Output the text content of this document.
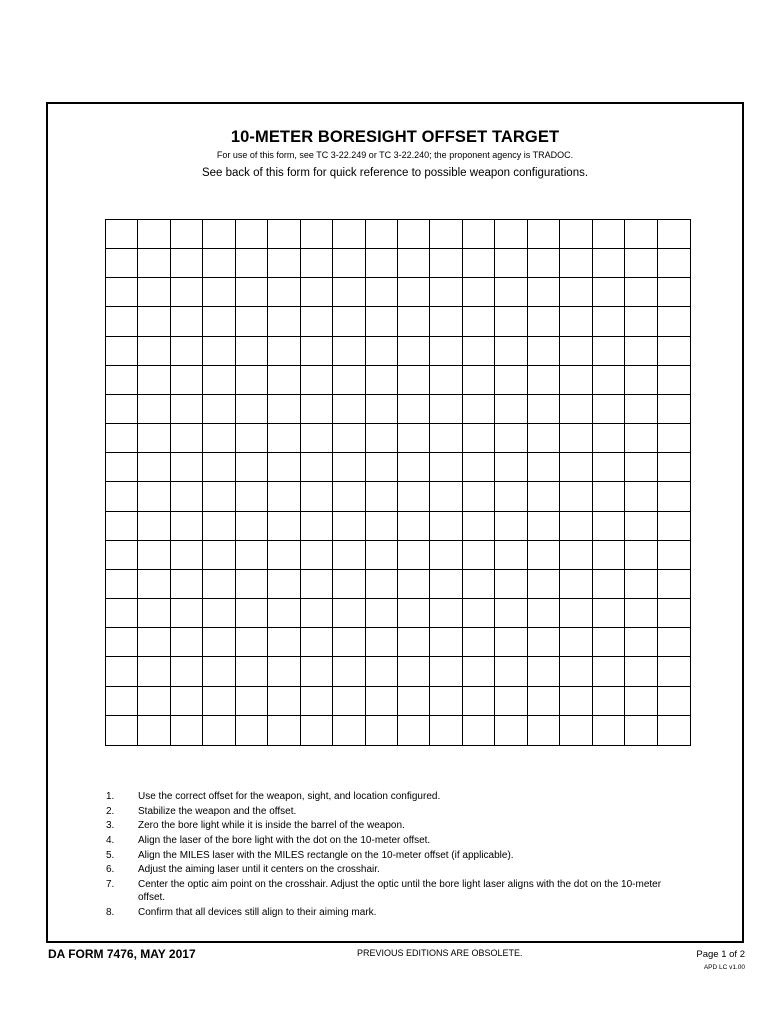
10-METER BORESIGHT OFFSET TARGET
For use of this form, see TC 3-22.249 or TC 3-22.240; the proponent agency is TRADOC.
See back of this form for quick reference to possible weapon configurations.
1.	Use the correct offset for the weapon, sight, and location configured.
2.	Stabilize the weapon and the offset.
3.	Zero the bore light while it is inside the barrel of the weapon.
4.	Align the laser of the bore light with the dot on the 10-meter offset.
5.	Align the MILES laser with the MILES rectangle on the 10-meter offset (if applicable).
6.	Adjust the aiming laser until it centers on the crosshair.
7.	Center the optic aim point on the crosshair. Adjust the optic until the bore light laser aligns with the dot on the 10-meter offset.
8.	Confirm that all devices still align to their aiming mark.
DA FORM 7476, MAY 2017	PREVIOUS EDITIONS ARE OBSOLETE.	Page 1 of 2
APD LC v1.00
